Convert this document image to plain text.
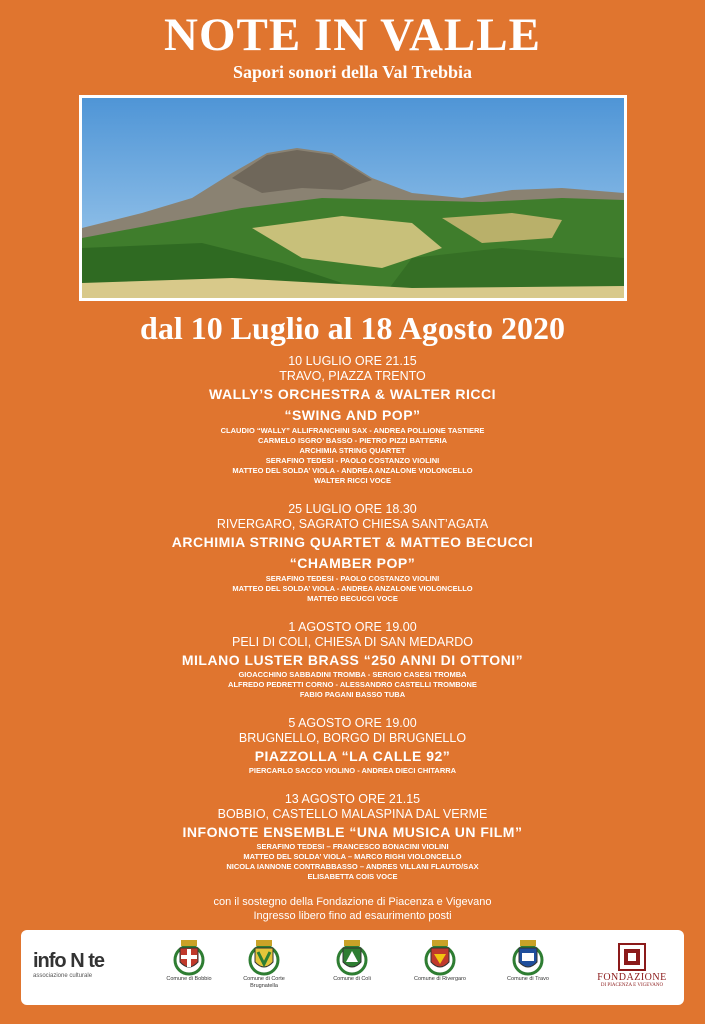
NOTE IN VALLE
Sapori sonori della Val Trebbia
dal 10 Luglio al 18 Agosto 2020
10 LUGLIO ORE 21.15
TRAVO, PIAZZA TRENTO
WALLY’S ORCHESTRA & WALTER RICCI
“SWING AND POP”
CLAUDIO “WALLY” ALLIFRANCHINI SAX - ANDREA POLLIONE TASTIERE
CARMELO ISGRO’ BASSO - PIETRO PIZZI BATTERIA
ARCHIMIA STRING QUARTET
SERAFINO TEDESI - PAOLO COSTANZO VIOLINI
MATTEO DEL SOLDA’ VIOLA - ANDREA ANZALONE VIOLONCELLO
WALTER RICCI VOCE
25 LUGLIO ORE 18.30
RIVERGARO, SAGRATO CHIESA SANT’AGATA
ARCHIMIA STRING QUARTET & MATTEO BECUCCI
“CHAMBER POP”
SERAFINO TEDESI - PAOLO COSTANZO VIOLINI
MATTEO DEL SOLDA’ VIOLA - ANDREA ANZALONE VIOLONCELLO
MATTEO BECUCCI VOCE
1 AGOSTO ORE 19.00
PELI DI COLI, CHIESA DI SAN MEDARDO
MILANO LUSTER BRASS “250 ANNI DI OTTONI”
GIOACCHINO SABBADINI TROMBA - SERGIO CASESI TROMBA
ALFREDO PEDRETTI CORNO - ALESSANDRO CASTELLI TROMBONE
FABIO PAGANI BASSO TUBA
5 AGOSTO ORE 19.00
BRUGNELLO, BORGO DI BRUGNELLO
PIAZZOLLA “LA CALLE 92”
PIERCARLO SACCO VIOLINO - ANDREA DIECI CHITARRA
13 AGOSTO ORE 21.15
BOBBIO, CASTELLO MALASPINA DAL VERME
INFONOTE ENSEMBLE “UNA MUSICA UN FILM”
SERAFINO TEDESI – FRANCESCO BONACINI VIOLINI
MATTEO DEL SOLDA’ VIOLA – MARCO RIGHI VIOLONCELLO
NICOLA IANNONE CONTRABBASSO – ANDRES VILLANI FLAUTO/SAX
ELISABETTA COIS VOCE
con il sostegno della Fondazione di Piacenza e Vigevano
Ingresso libero fino ad esaurimento posti
info N te
associazione culturale	Comune di Bobbio	Comune di Corte Brugnatella
Comune di Coli	Comune di Rivergaro	Comune di Travo	FONDAZIONE
DI PIACENZA E VIGEVANO
